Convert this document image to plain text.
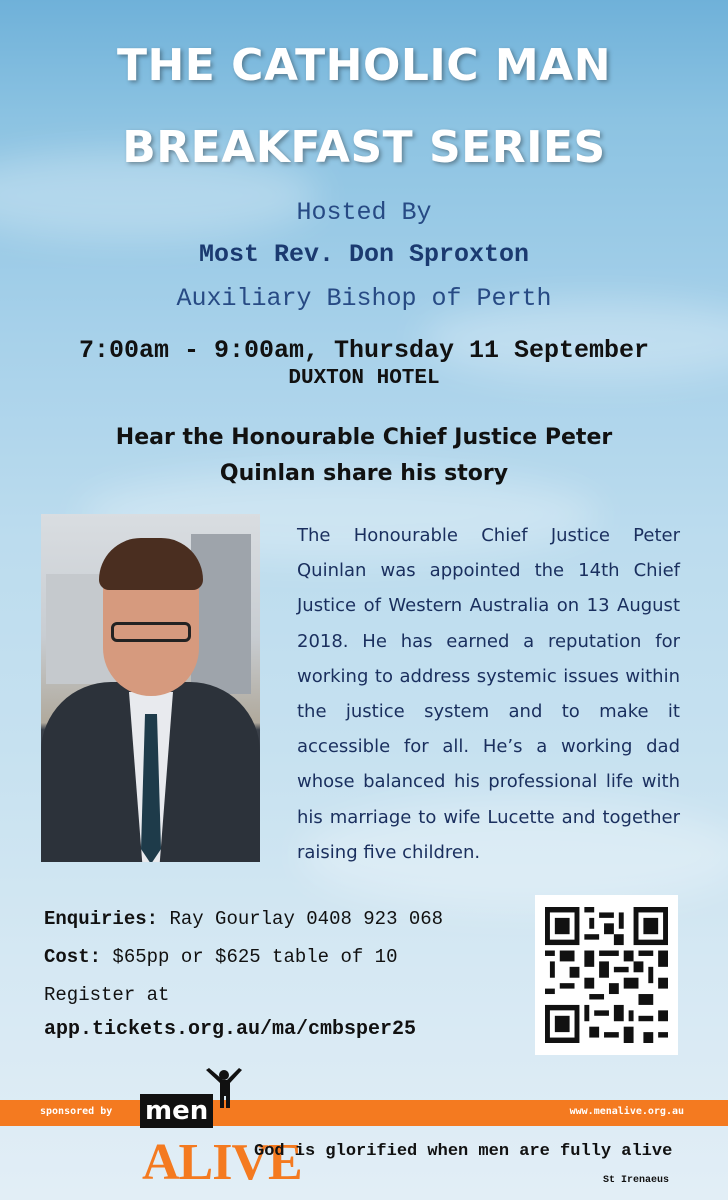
THE CATHOLIC MAN
BREAKFAST SERIES
Hosted By
Most Rev. Don Sproxton
Auxiliary Bishop of Perth
7:00am - 9:00am, Thursday 11 September
DUXTON HOTEL
Hear the Honourable Chief Justice Peter
Quinlan share his story
The Honourable Chief Justice Peter Quinlan was appointed the 14th Chief Justice of Western Australia on 13 August 2018. He has earned a reputation for working to address systemic issues within the justice system and to make it accessible for all. He’s a working dad whose balanced his professional life with his marriage to wife Lucette and together raising five children.
Enquiries: Ray Gourlay 0408 923 068
Cost: $65pp or $625 table of 10
Register at
app.tickets.org.au/ma/cmbsper25
sponsored by	www.menalive.org.au
men
ALIVE
God is glorified when men are fully alive
St Irenaeus
